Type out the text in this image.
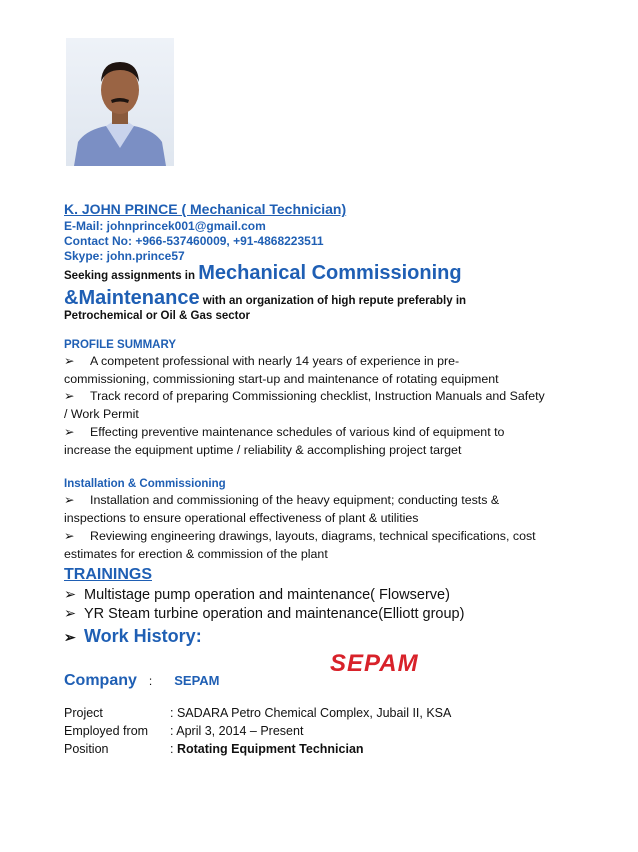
K. JOHN PRINCE ( Mechanical Technician)
E-Mail: johnprincek001@gmail.com
Contact No: +966-537460009, +91-4868223511
Skype: john.prince57
Seeking assignments in Mechanical Commissioning
&Maintenance with an organization of high repute preferably in
Petrochemical or Oil & Gas sector
PROFILE SUMMARY
➢ A competent professional with nearly 14 years of experience in pre-
commissioning, commissioning start-up and maintenance of rotating equipment
➢ Track record of preparing Commissioning checklist, Instruction Manuals and Safety
/ Work Permit
➢ Effecting preventive maintenance schedules of various kind of equipment to
increase the equipment uptime / reliability & accomplishing project target
Installation & Commissioning
➢ Installation and commissioning of the heavy equipment; conducting tests &
inspections to ensure operational effectiveness of plant & utilities
➢ Reviewing engineering drawings, layouts, diagrams, technical specifications, cost
estimates for erection & commission of the plant
TRAININGS
➢ Multistage pump operation and maintenance( Flowserve)
➢ YR Steam turbine operation and maintenance(Elliott group)
➢ Work History:
Company : SEPAM
SEPAM
Project	: SADARA Petro Chemical Complex, Jubail II, KSA
Employed from : April 3, 2014 – Present
Position	: Rotating Equipment Technician
